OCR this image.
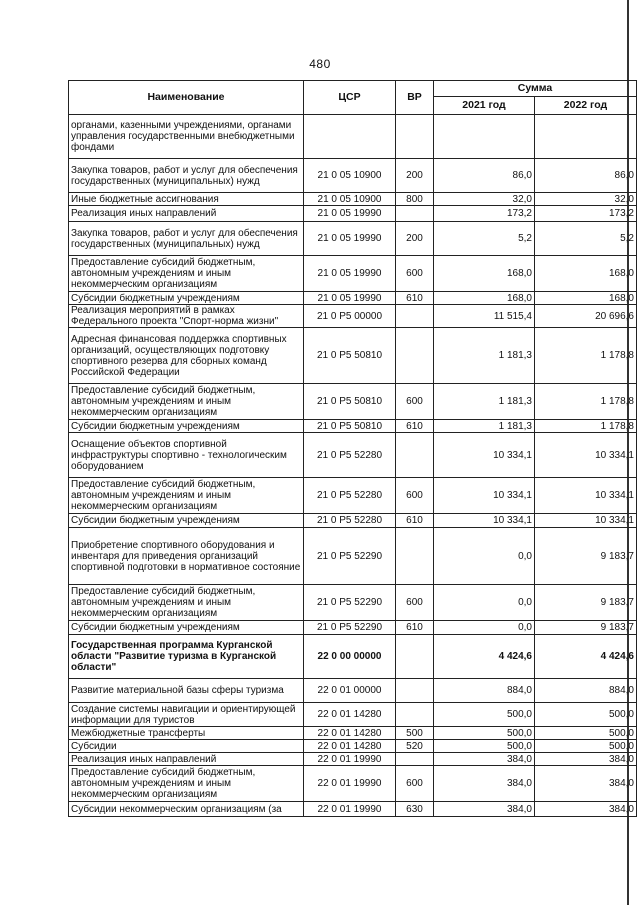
480
Наименование	ЦСР	ВР	Сумма	
			2021 год	2022 год
органами, казенными учреждениями, органами управления государственными внебюджетными фондами				
Закупка товаров, работ и услуг для обеспечения государственных (муниципальных) нужд	21 0 05 10900	200	86,0	86,0
Иные бюджетные ассигнования	21 0 05 10900	800	32,0	32,0
Реализация иных направлений	21 0 05 19990		173,2	173,2
Закупка товаров, работ и услуг для обеспечения государственных (муниципальных) нужд	21 0 05 19990	200	5,2	5,2
Предоставление субсидий бюджетным, автономным учреждениям и иным некоммерческим организациям	21 0 05 19990	600	168,0	168,0
Субсидии бюджетным учреждениям	21 0 05 19990	610	168,0	168,0
Реализация мероприятий в рамках Федерального проекта "Спорт-норма жизни"	21 0 P5 00000		11 515,4	20 696,6
Адресная финансовая поддержка спортивных организаций, осуществляющих подготовку спортивного резерва для сборных команд Российской Федерации	21 0 P5 50810		1 181,3	1 178,8
Предоставление субсидий бюджетным, автономным учреждениям и иным некоммерческим организациям	21 0 P5 50810	600	1 181,3	1 178,8
Субсидии бюджетным учреждениям	21 0 P5 50810	610	1 181,3	1 178,8
Оснащение объектов спортивной инфраструктуры спортивно - технологическим оборудованием	21 0 P5 52280		10 334,1	10 334,1
Предоставление субсидий бюджетным, автономным учреждениям и иным некоммерческим организациям	21 0 P5 52280	600	10 334,1	10 334,1
Субсидии бюджетным учреждениям	21 0 P5 52280	610	10 334,1	10 334,1
Приобретение спортивного оборудования и инвентаря для приведения организаций спортивной подготовки в нормативное состояние	21 0 P5 52290		0,0	9 183,7
Предоставление субсидий бюджетным, автономным учреждениям и иным некоммерческим организациям	21 0 P5 52290	600	0,0	9 183,7
Субсидии бюджетным учреждениям	21 0 P5 52290	610	0,0	9 183,7
Государственная программа Курганской области "Развитие туризма в Курганской области"	22 0 00 00000		4 424,6	4 424,6
Развитие материальной базы сферы туризма	22 0 01 00000		884,0	884,0
Создание системы навигации и ориентирующей информации для туристов	22 0 01 14280		500,0	500,0
Межбюджетные трансферты	22 0 01 14280	500	500,0	500,0
Субсидии	22 0 01 14280	520	500,0	500,0
Реализация иных направлений	22 0 01 19990		384,0	384,0
Предоставление субсидий бюджетным, автономным учреждениям и иным некоммерческим организациям	22 0 01 19990	600	384,0	384,0
Субсидии некоммерческим организациям (за	22 0 01 19990	630	384,0	384,0
